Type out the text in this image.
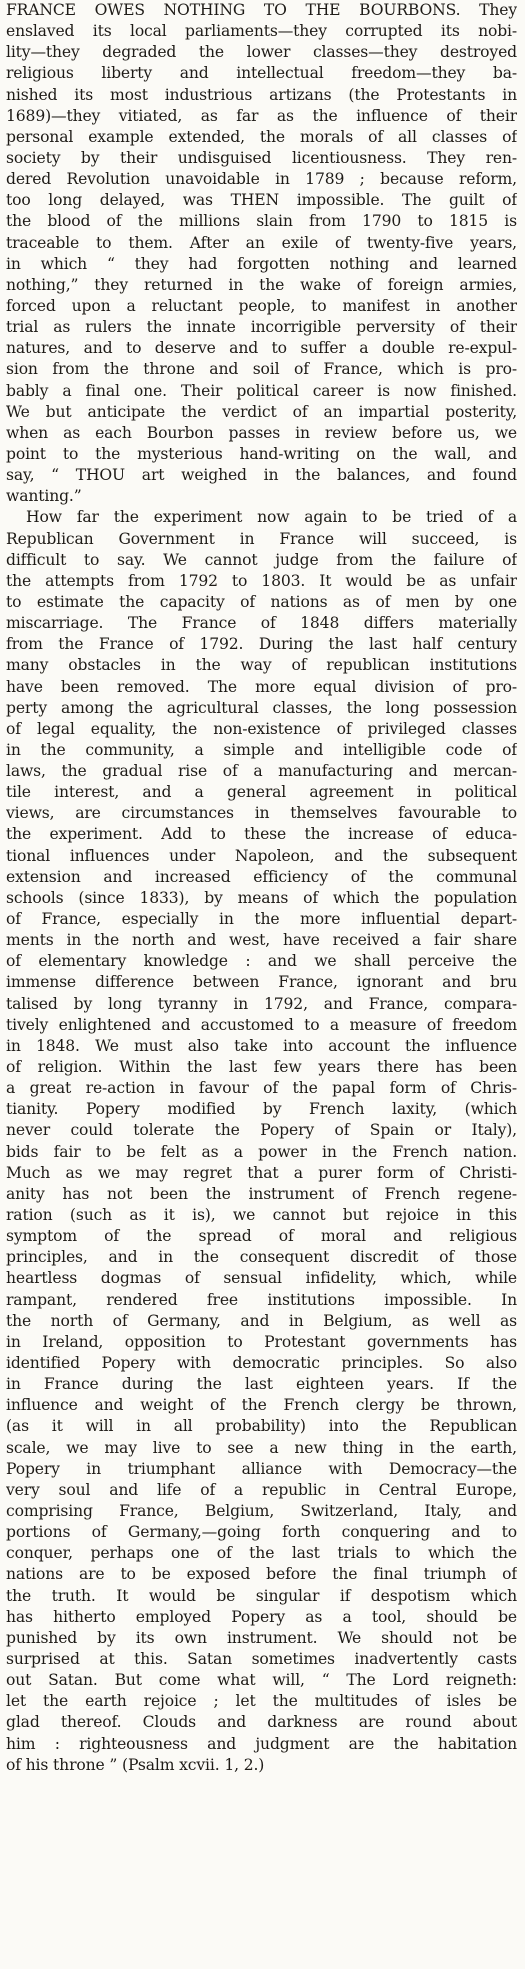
FRANCE OWES NOTHING TO THE BOURBONS. They
enslaved its local parliaments—they corrupted its nobi-
lity—they degraded the lower classes—they destroyed
religious liberty and intellectual freedom—they ba-
nished its most industrious artizans (the Protestants in
1689)—they vitiated, as far as the influence of their
personal example extended, the morals of all classes of
society by their undisguised licentiousness. They ren-
dered Revolution unavoidable in 1789 ; because reform,
too long delayed, was THEN impossible. The guilt of
the blood of the millions slain from 1790 to 1815 is
traceable to them. After an exile of twenty-five years,
in which “ they had forgotten nothing and learned
nothing,” they returned in the wake of foreign armies,
forced upon a reluctant people, to manifest in another
trial as rulers the innate incorrigible perversity of their
natures, and to deserve and to suffer a double re-expul-
sion from the throne and soil of France, which is pro-
bably a final one. Their political career is now finished.
We but anticipate the verdict of an impartial posterity,
when as each Bourbon passes in review before us, we
point to the mysterious hand-writing on the wall, and
say, “ THOU art weighed in the balances, and found
wanting.”
How far the experiment now again to be tried of a
Republican Government in France will succeed, is
difficult to say. We cannot judge from the failure of
the attempts from 1792 to 1803. It would be as unfair
to estimate the capacity of nations as of men by one
miscarriage. The France of 1848 differs materially
from the France of 1792. During the last half century
many obstacles in the way of republican institutions
have been removed. The more equal division of pro-
perty among the agricultural classes, the long possession
of legal equality, the non-existence of privileged classes
in the community, a simple and intelligible code of
laws, the gradual rise of a manufacturing and mercan-
tile interest, and a general agreement in political
views, are circumstances in themselves favourable to
the experiment. Add to these the increase of educa-
tional influences under Napoleon, and the subsequent
extension and increased efficiency of the communal
schools (since 1833), by means of which the population
of France, especially in the more influential depart-
ments in the north and west, have received a fair share
of elementary knowledge : and we shall perceive the
immense difference between France, ignorant and bru
talised by long tyranny in 1792, and France, compara-
tively enlightened and accustomed to a measure of freedom
in 1848. We must also take into account the influence
of religion. Within the last few years there has been
a great re-action in favour of the papal form of Chris-
tianity. Popery modified by French laxity, (which
never could tolerate the Popery of Spain or Italy),
bids fair to be felt as a power in the French nation.
Much as we may regret that a purer form of Christi-
anity has not been the instrument of French regene-
ration (such as it is), we cannot but rejoice in this
symptom of the spread of moral and religious
principles, and in the consequent discredit of those
heartless dogmas of sensual infidelity, which, while
rampant, rendered free institutions impossible. In
the north of Germany, and in Belgium, as well as
in Ireland, opposition to Protestant governments has
identified Popery with democratic principles. So also
in France during the last eighteen years. If the
influence and weight of the French clergy be thrown,
(as it will in all probability) into the Republican
scale, we may live to see a new thing in the earth,
Popery in triumphant alliance with Democracy—the
very soul and life of a republic in Central Europe,
comprising France, Belgium, Switzerland, Italy, and
portions of Germany,—going forth conquering and to
conquer, perhaps one of the last trials to which the
nations are to be exposed before the final triumph of
the truth. It would be singular if despotism which
has hitherto employed Popery as a tool, should be
punished by its own instrument. We should not be
surprised at this. Satan sometimes inadvertently casts
out Satan. But come what will, “ The Lord reigneth:
let the earth rejoice ; let the multitudes of isles be
glad thereof. Clouds and darkness are round about
him : righteousness and judgment are the habitation
of his throne ” (Psalm xcvii. 1, 2.)
